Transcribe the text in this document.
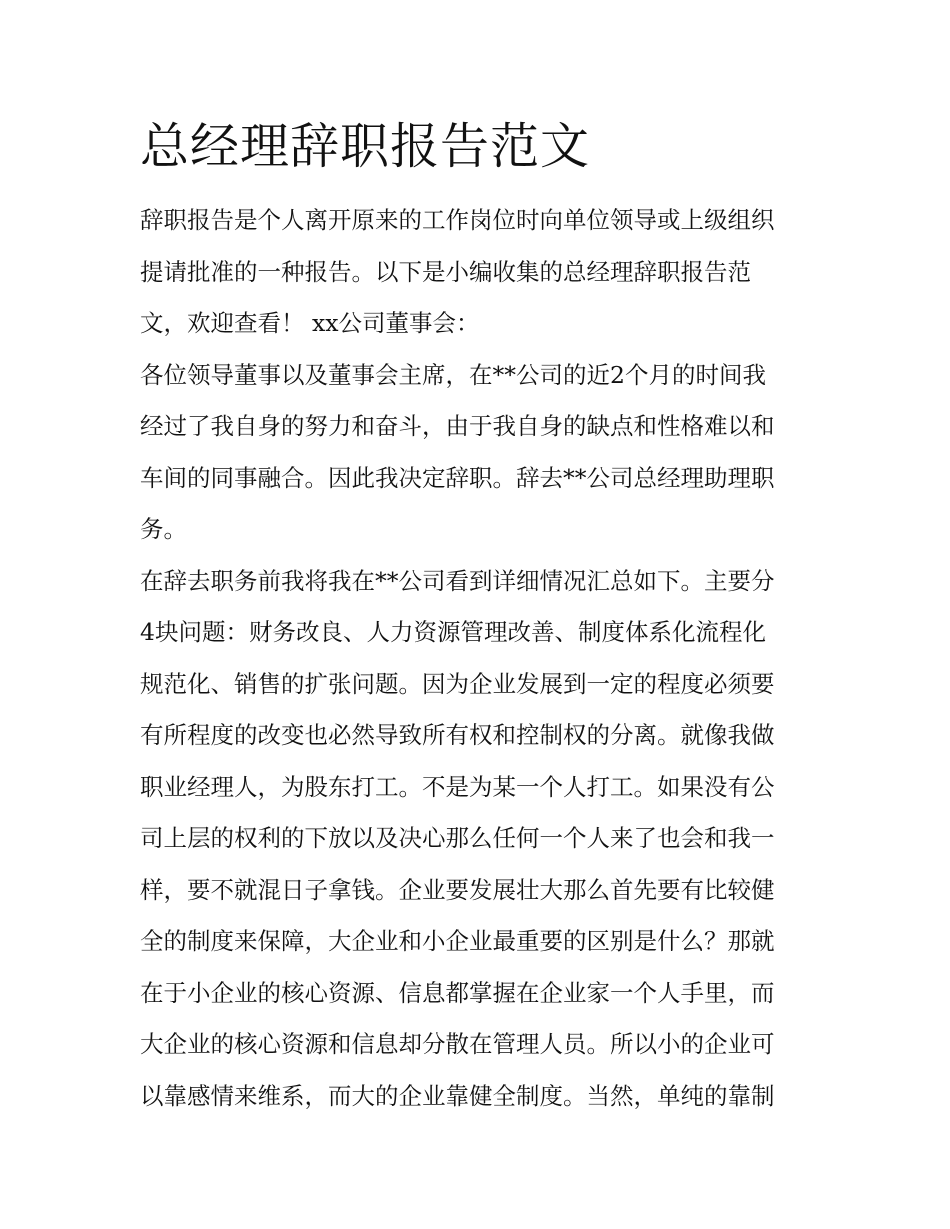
总经理辞职报告范文
辞职报告是个人离开原来的工作岗位时向单位领导或上级组织
提请批准的一种报告。以下是小编收集的总经理辞职报告范
文，欢迎查看！ xx公司董事会：
各位领导董事以及董事会主席，在**公司的近2个月的时间我
经过了我自身的努力和奋斗，由于我自身的缺点和性格难以和
车间的同事融合。因此我决定辞职。辞去**公司总经理助理职
务。
在辞去职务前我将我在**公司看到详细情况汇总如下。主要分
4块问题：财务改良、人力资源管理改善、制度体系化流程化
规范化、销售的扩张问题。因为企业发展到一定的程度必须要
有所程度的改变也必然导致所有权和控制权的分离。就像我做
职业经理人，为股东打工。不是为某一个人打工。如果没有公
司上层的权利的下放以及决心那么任何一个人来了也会和我一
样，要不就混日子拿钱。企业要发展壮大那么首先要有比较健
全的制度来保障，大企业和小企业最重要的区别是什么？那就
在于小企业的核心资源、信息都掌握在企业家一个人手里，而
大企业的核心资源和信息却分散在管理人员。所以小的企业可
以靠感情来维系，而大的企业靠健全制度。当然，单纯的靠制
